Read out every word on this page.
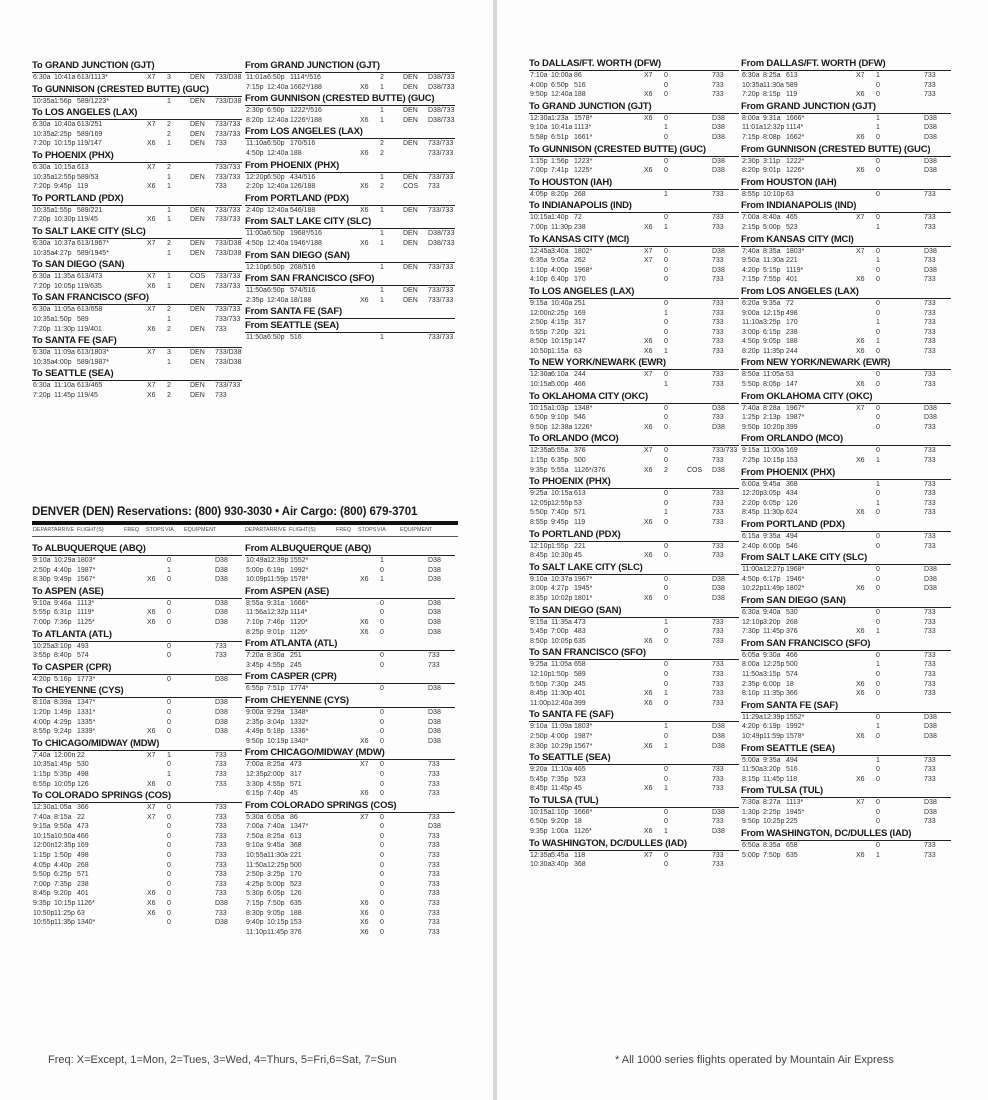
To GRAND JUNCTION (GJT)
6:30a 10:41a 613/1113*	X7 3	DEN 733/D38
To GUNNISON (CRESTED BUTTE) (GUC)
10:35a 1:56p 589/1223*	1	DEN 733/D38
To LOS ANGELES (LAX)
6:30a 10:40a 613/251	X7 2	DEN 733/733
10:35a 2:25p 589/169	2	DEN 733/733
7:20p 10:15p 119/147	X6 1	DEN 733
To PHOENIX (PHX)
6:30a 10:15a 613	X7 2	733/733
10:35a 12:55p 589/53	1	DEN 733/733
7:20p 9:45p 119	X6 1	733
To PORTLAND (PDX)
10:35a 1:55p 589/221	1	DEN 733/733
7:20p 10:30p 119/45	X6 1	DEN 733/733
To SALT LAKE CITY (SLC)
6:30a 10:37a 613/1967*	X7 2	DEN 733/D38
10:35a 4:27p 589/1945*	1	DEN 733/D38
To SAN DIEGO (SAN)
6:30a 11:35a 613/473	X7 1	COS 733/733
7:20p 10:05p 119/635	X6 1	DEN 733/733
To SAN FRANCISCO (SFO)
6:30a 11:05a 613/658	X7 2	DEN 733/733
10:35a 1:50p 589	1	733/733
7:20p 11:30p 119/401	X6 2	DEN 733
To SANTA FE (SAF)
6:30a 11:09a 613/1803*	X7 3	DEN 733/D38
10:35a 4:00p 589/1987*	1	DEN 733/D38
To SEATTLE (SEA)
6:30a 11:10a 613/465	X7 2	DEN 733/733
7:20p 11:45p 119/45	X6 2	DEN 733
From GRAND JUNCTION (GJT)
11:01a 6:50p 1114*/516	2	DEN D38/733
7:15p 12:40a 1662*/188	X6 1	DEN D38/733
From GUNNISON (CRESTED BUTTE) (GUC)
2:30p 6:50p 1222*/516	1	DEN D38/733
8:20p 12:40a 1226*/188	X6 1	DEN D38/733
From LOS ANGELES (LAX)
11:10a 6:50p 170/516	2	DEN 733/733
4:50p 12:40a 188	X6 2	733/733
From PHOENIX (PHX)
12:20p 6:50p 434/516	1	DEN 733/733
2:20p 12:40a 126/188	X6 2	COS 733
From PORTLAND (PDX)
2:40p 12:40a 546/188	X6 1	DEN 733/733
From SALT LAKE CITY (SLC)
11:00a 6:50p 1968*/516	1	DEN D38/733
4:50p 12:40a 1946*/188	X6 1	DEN D38/733
From SAN DIEGO (SAN)
12:10p 6:50p 268/516	1	DEN 733/733
From SAN FRANCISCO (SFO)
11:50a 6:50p 574/516	1	DEN 733/733
2:35p 12:40a 18/188	X6 1	DEN 733/733
From SANTA FE (SAF)
From SEATTLE (SEA)
11:50a 6:50p 516	1	733/733
DENVER (DEN) Reservations: (800) 930-3030 • Air Cargo: (800) 679-3701
DEPART ARRIVE FLIGHT(S)	FREQ STOPS VIA EQUIPMENT	DEPART ARRIVE FLIGHT(S)	FREQ STOPS VIA	EQUIPMENT
To ALBUQUERQUE (ABQ)
9:10a 10:29a 1803*	0	D38
2:50p 4:40p 1987*	1	D38
8:30p 9:49p 1567*	X6 0	D38
To ASPEN (ASE)
9:10a 9:46a 1113*	0	D38
5:55p 6:31p 1119*	X6 0	D38
7:00p 7:36p 1125*	X6 0	D38
To ATLANTA (ATL)
10:25a 3:10p 493	0	733
3:55p 8:40p 574	0	733
To CASPER (CPR)
4:20p 5:16p 1773*	0	D38
To CHEYENNE (CYS)
8:10a 8:39a 1347*	0	D38
1:20p 1:49p 1331*	0	D38
4:00p 4:29p 1335*	0	D38
8:55p 9:24p 1339*	X6 0	D38
To CHICAGO/MIDWAY (MDW)
7:40a 12:00n 22	X7 1	733
10:35a 1:45p 530	0	733
1:15p 5:35p 498	1	733
6:55p 10:05p 126	X6 0	733
To COLORADO SPRINGS (COS)
12:30a 1:05a 366	X7 0	733
7:40a 8:15a 22	X7 0	733
9:15a 9:50a 473	0	733
10:15a 10:50a 466	0	733
12:00n 12:35p 169	0	733
1:15p 1:50p 498	0	733
4:05p 4:40p 268	0	733
5:50p 6:25p 571	0	733
7:00p 7:35p 238	0	733
8:45p 9:20p 401	X6 0	733
9:35p 10:15p 1126*	X6 0	D38
10:50p 11:25p 63	X6 0	733
10:55p 11:35p 1340*	0	D38
From ALBUQUERQUE (ABQ)
10:49a 12:39p 1552*	1	D38
5:00p 6:19p 1992*	0	D38
10:09p 11:59p 1578*	X6 1	D38
From ASPEN (ASE)
8:55a 9:31a 1666*	0	D38
11:56a 12:32p 1114*	0	D38
7:10p 7:46p 1120*	X6 0	D38
8:25p 9:01p 1126*	X6 0	D38
From ATLANTA (ATL)
7:20a 8:30a 251	0	733
3:45p 4:55p 245	0	733
From CASPER (CPR)
6:55p 7:51p 1774*	0	D38
From CHEYENNE (CYS)
9:00a 9:29a 1348*	0	D38
2:35p 3:04p 1332*	0	D38
4:49p 5:18p 1336*	0	D38
9:50p 10:19p 1340*	X6 0	D38
From CHICAGO/MIDWAY (MDW)
7:00a 8:25a 473	X7 0	733
12:35p 2:00p 317	0	733
3:30p 4:55p 571	0	733
6:15p 7:40p 45	X6 0	733
From COLORADO SPRINGS (COS)
5:30a 6:05a 86	X7 0	733
7:00a 7:40a 1347*	0	D38
7:50a 8:25a 613	0	733
9:10a 9:45a 368	0	733
10:55a 11:30a 221	0	733
11:50a 12:25p 500	0	733
2:50p 3:25p 170	0	733
4:25p 5:00p 523	0	733
5:30p 6:05p 126	0	733
7:15p 7:50p 635	X6 0	733
8:30p 9:05p 188	X6 0	733
9:40p 10:15p 153	X6 0	733
11:10p 11:45p 376	X6 0	733
Freq: X=Except, 1=Mon, 2=Tues, 3=Wed, 4=Thurs, 5=Fri,6=Sat, 7=Sun
To DALLAS/FT. WORTH (DFW)
7:10a 10:00a 86	X7 0	733
4:00p 6:50p 516	0	733
9:50p 12:40a 188	X6 0	733
To GRAND JUNCTION (GJT)
12:30a 1:23a 1578*	X6 0	D38
9:10a 10:41a 1113*	1	D38
5:58p 6:51p 1661*	0	D38
To GUNNISON (CRESTED BUTTE) (GUC)
1:15p 1:56p 1223*	0	D38
7:00p 7:41p 1225*	X6 0	D38
To HOUSTON (IAH)
4:05p 8:20p 268	1	733
To INDIANAPOLIS (IND)
10:15a 1:40p 72	0	733
7:00p 11:30p 238	X6 1	733
To KANSAS CITY (MCI)
12:45a 3:40a 1802*	X7 0	D38
6:35a 9:05a 262	X7 0	733
1:10p 4:00p 1968*	0	D38
4:10p 6:40p 170	0	733
To LOS ANGELES (LAX)
9:15a 10:40a 251	0	733
12:00n 2:25p 169	1	733
2:50p 4:15p 317	0	733
5:55p 7:20p 321	0	733
8:50p 10:15p 147	X6 0	733
10:50p 1:15a 63	X6 1	733
To NEW YORK/NEWARK (EWR)
12:30a 6:10a 244	X7 0	733
10:15a 5:00p 466	1	733
To OKLAHOMA CITY (OKC)
10:15a 1:03p 1348*	0	D38
6:50p 9:10p 546	0	733
9:50p 12:38a 1226*	X6 0	D38
To ORLANDO (MCO)
12:35a 5:55a 376	X7 0	733/733
1:15p 6:35p 500	0	733
9:35p 5:55a 1126*/376	X6 2	COS D38
To PHOENIX (PHX)
9:25a 10:15a 613	0	733
12:05p 12:55p 53	0	733
5:50p 7:40p 571	1	733
8:55p 9:45p 119	X6 0	733
To PORTLAND (PDX)
12:10p 1:55p 221	0	733
8:45p 10:30p 45	X6 0	733
To SALT LAKE CITY (SLC)
9:10a 10:37a 1967*	0	D38
3:00p 4:27p 1945*	0	D38
8:35p 10:02p 1801*	X6 0	D38
To SAN DIEGO (SAN)
9:15a 11:35a 473	1	733
5:45p 7:00p 483	0	733
8:50p 10:05p 635	X6 0	733
To SAN FRANCISCO (SFO)
9:25a 11:05a 658	0	733
12:10p 1:50p 589	0	733
5:50p 7:30p 245	0	733
8:45p 11:30p 401	X6 1	733
11:00p 12:40a 399	X6 0	733
To SANTA FE (SAF)
9:10a 11:09a 1803*	1	D38
2:50p 4:00p 1987*	0	D38
8:30p 10:29p 1567*	X6 1	D38
To SEATTLE (SEA)
9:20a 11:10a 465	0	733
5:45p 7:35p 523	0	733
8:45p 11:45p 45	X6 1	733
To TULSA (TUL)
10:15a 1:10p 1666*	0	D38
6:50p 9:20p 18	0	733
9:35p 1:00a 1126*	X6 1	D38
To WASHINGTON, DC/DULLES (IAD)
12:35a 5:45a 118	X7 0	733
10:30a 3:40p 368	0	733
From DALLAS/FT. WORTH (DFW)
6:30a 8:25a 613	X7 1	733
10:35a 11:30a 589	0	733
7:20p 8:15p 119	X6 0	733
From GRAND JUNCTION (GJT)
8:00a 9:31a 1666*	1	D38
11:01a 12:32p 1114*	1	D38
7:15p 8:08p 1662*	X6 0	D38
From GUNNISON (CRESTED BUTTE) (GUC)
2:30p 3:11p 1222*	0	D38
8:20p 9:01p 1226*	X6 0	D38
From HOUSTON (IAH)
8:55p 10:10p 63	0	733
From INDIANAPOLIS (IND)
7:00a 8:40a 465	X7 0	733
2:15p 5:00p 523	1	733
From KANSAS CITY (MCI)
7:40a 8:35a 1803*	X7 0	D38
9:50a 11:30a 221	1	733
4:20p 5:15p 1119*	0	D38
7:15p 7:55p 401	X6 0	733
From LOS ANGELES (LAX)
6:20a 9:35a 72	0	733
9:00a 12:15p 498	0	733
11:10a 3:25p 170	1	733
3:00p 6:15p 238	0	733
4:50p 9:05p 188	X6 1	733
8:20p 11:35p 244	X6 0	733
From NEW YORK/NEWARK (EWR)
8:50a 11:05a 53	0	733
5:50p 8:05p 147	X6 0	733
From OKLAHOMA CITY (OKC)
7:40a 8:28a 1967*	X7 0	D38
1:25p 2:13p 1987*	0	D38
9:50p 10:20p 399	0	733
From ORLANDO (MCO)
9:15a 11:00a 169	0	733
7:25p 10:15p 153	X6 1	733
From PHOENIX (PHX)
6:00a 9:45a 368	1	733
12:20p 3:05p 434	0	733
2:20p 6:05p 126	1	733
8:45p 11:30p 624	X6 0	733
From PORTLAND (PDX)
6:15a 9:35a 494	0	733
2:40p 6:00p 546	0	733
From SALT LAKE CITY (SLC)
11:00a 12:27p 1968*	0	D38
4:50p 6:17p 1946*	0	D38
10:22p 11:49p 1802*	X6 0	D38
From SAN DIEGO (SAN)
6:30a 9:40a 530	0	733
12:10p 3:20p 268	0	733
7:30p 11:45p 376	X6 1	733
From SAN FRANCISCO (SFO)
6:05a 9:30a 466	0	733
8:00a 12:25p 500	1	733
11:50a 3:15p 574	0	733
2:35p 6:00p 18	X6 0	733
8:10p 11:35p 366	X6 0	733
From SANTA FE (SAF)
11:29a 12:39p 1552*	0	D38
4:20p 6:19p 1992*	1	D38
10:49p 11:59p 1578*	X6 0	D38
From SEATTLE (SEA)
5:00a 9:35a 494	1	733
11:50a 3:20p 516	0	733
8:15p 11:45p 118	X6 0	733
From TULSA (TUL)
7:30a 8:27a 1113*	X7 0	D38
1:30p 2:25p 1945*	0	D38
9:50p 10:25p 225	0	733
From WASHINGTON, DC/DULLES (IAD)
6:50a 8:35a 658	0	733
5:00p 7:50p 635	X6 1	733
* All 1000 series flights operated by Mountain Air Express
